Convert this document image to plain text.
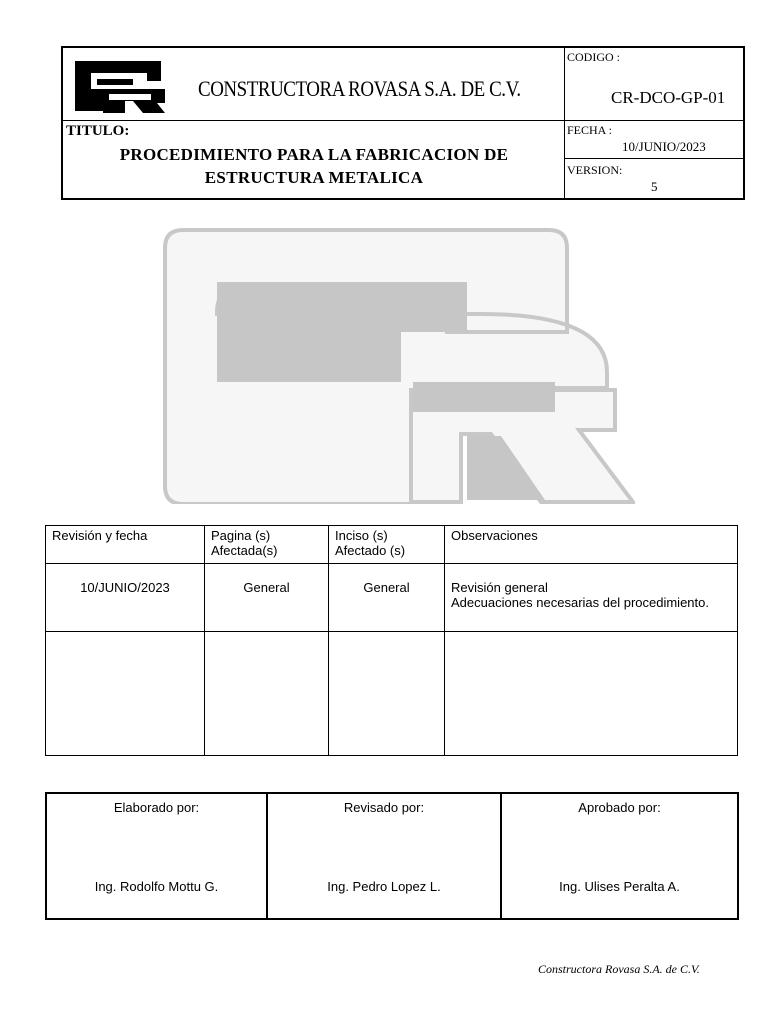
CONSTRUCTORA ROVASA S.A. DE C.V.
TITULO:
PROCEDIMIENTO PARA LA FABRICACION DE
ESTRUCTURA METALICA
CODIGO :
CR-DCO-GP-01
FECHA :
10/JUNIO/2023
VERSION:
5
Revisión y fecha	Pagina (s) Afectada(s)	Inciso (s) Afectado (s)	Observaciones
10/JUNIO/2023	General	General	Revisión general
Adecuaciones necesarias del procedimiento.

Elaborado por:
Ing. Rodolfo Mottu G.

Revisado por:
Ing. Pedro Lopez L.

Aprobado por:
Ing. Ulises Peralta A.
Constructora Rovasa S.A. de C.V.
